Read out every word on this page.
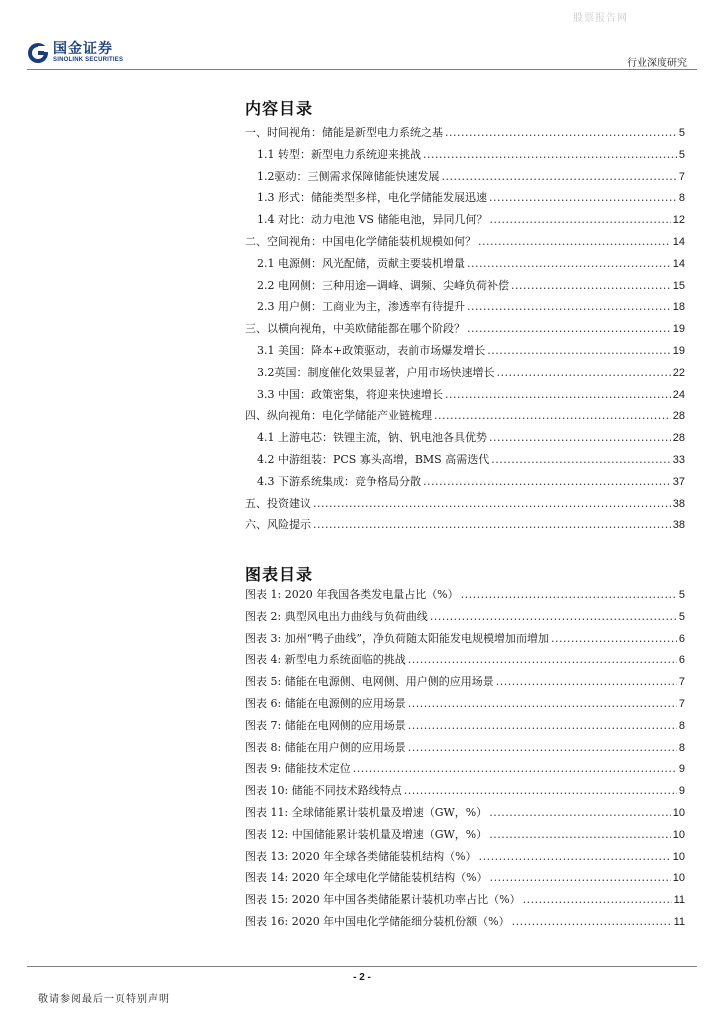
股票报告网
国金证券
SINOLINK SECURITIES	行业深度研究
内容目录
一、时间视角：储能是新型电力系统之基 .....	5
1.1 转型：新型电力系统迎来挑战 .....	5
1.2驱动：三侧需求保障储能快速发展 .....	7
1.3 形式：储能类型多样，电化学储能发展迅速 .....	8
1.4 对比：动力电池 VS 储能电池，异同几何？ .....	12
二、空间视角：中国电化学储能装机规模如何？ .....	14
2.1 电源侧：风光配储，贡献主要装机增量 .....	14
2.2 电网侧：三种用途—调峰、调频、尖峰负荷补偿 .....	15
2.3 用户侧：工商业为主，渗透率有待提升 .....	18
三、以横向视角，中美欧储能都在哪个阶段？ .....	19
3.1 美国：降本+政策驱动，表前市场爆发增长 .....	19
3.2英国：制度催化效果显著，户用市场快速增长 .....	22
3.3 中国：政策密集，将迎来快速增长 .....	24
四、纵向视角：电化学储能产业链梳理 .....	28
4.1 上游电芯：铁锂主流，钠、钒电池各具优势 .....	28
4.2 中游组装：PCS 寡头高增，BMS 高需迭代 .....	33
4.3 下游系统集成：竞争格局分散 .....	37
五、投资建议 .....	38
六、风险提示 .....	38
图表目录
图表 1: 2020 年我国各类发电量占比（%） .....	5
图表 2: 典型风电出力曲线与负荷曲线 .....	5
图表 3: 加州“鸭子曲线”，净负荷随太阳能发电规模增加而增加 .....	6
图表 4: 新型电力系统面临的挑战 .....	6
图表 5: 储能在电源侧、电网侧、用户侧的应用场景 .....	7
图表 6: 储能在电源侧的应用场景 .....	7
图表 7: 储能在电网侧的应用场景 .....	8
图表 8: 储能在用户侧的应用场景 .....	8
图表 9: 储能技术定位 .....	9
图表 10: 储能不同技术路线特点 .....	9
图表 11: 全球储能累计装机量及增速（GW，%） .....	10
图表 12: 中国储能累计装机量及增速（GW，%） .....	10
图表 13: 2020 年全球各类储能装机结构（%） .....	10
图表 14: 2020 年全球电化学储能装机结构（%） .....	10
图表 15: 2020 年中国各类储能累计装机功率占比（%） .....	11
图表 16: 2020 年中国电化学储能细分装机份额（%） .....	11
- 2 -
敬请参阅最后一页特别声明
